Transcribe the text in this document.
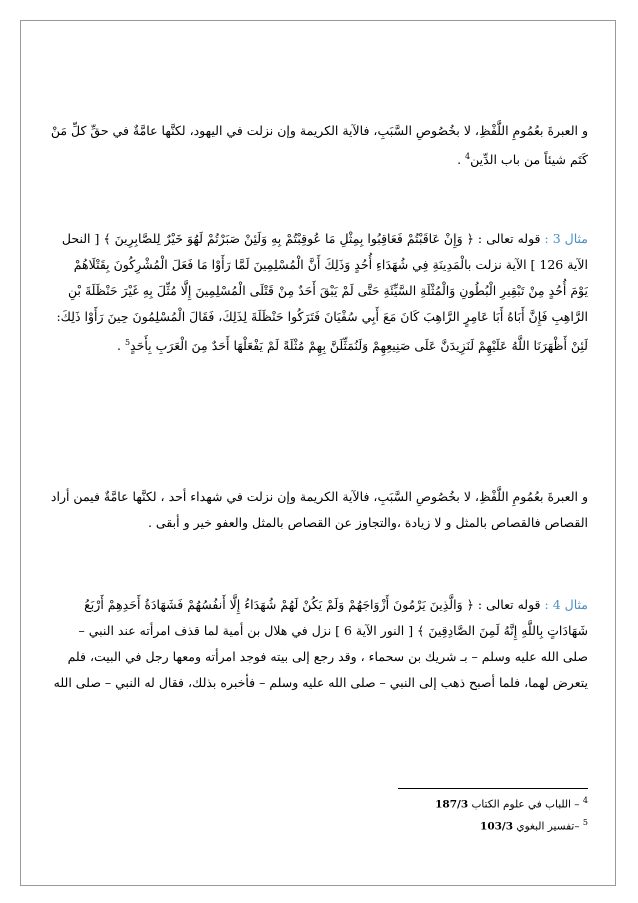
و العبرةَ بعُمُومِ اللَّفْظِ، لا بخُصُوصِ السَّبَبِ، فالآية الكريمة وإن نزلت في اليهود، لكنَّها عامَّةٌ في حقِّ كلِّ مَنْ
كَتَم شيئاً من باب الدِّين$^4$ .
مثال 3 : قوله تعالى : ﴿ وَإِنْ عَاقَبْتُمْ فَعَاقِبُوا بِمِثْلِ مَا عُوقِبْتُمْ بِهِ وَلَئِنْ صَبَرْتُمْ لَهُوَ خَيْرٌ لِلصَّابِرِينَ ﴾ [ النحل
الآية 126 ] الآية نزلت بالْمَدِينَةِ فِي شُهَدَاءِ أُحُدٍ وَذَلِكَ أَنَّ الْمُسْلِمِينَ لَمَّا رَأَوْا مَا فَعَلَ الْمُشْرِكُونَ بِقَتْلَاهُمْ
يَوْمَ أُحُدٍ مِنْ تَبْقِيرِ الْبُطُونِ وَالْمُثْلَةِ السَّيِّئَةِ حَتَّى لَمْ يَبْقَ أَحَدٌ مِنْ قَتْلَى الْمُسْلِمِينَ إِلَّا مُثِّلَ بِهِ غَيْرَ حَنْظَلَةَ بْنِ
الرَّاهِبِ فَإِنَّ أَبَاهُ أَبَا عَامِرٍ الرَّاهِبَ كَانَ مَعَ أَبِي سُفْيَانَ فَتَرَكُوا حَنْظَلَةَ لِذَلِكَ، فَقَالَ الْمُسْلِمُونَ حِينَ رَأَوْا ذَلِكَ:
لَئِنْ أَظْهَرَنَا اللَّهُ عَلَيْهِمْ لَنَزِيدَنَّ عَلَى صَنِيعِهِمْ وَلَنُمَثِّلَنَّ بِهِمْ مُثْلَةً لَمْ يَفْعَلْهَا أَحَدٌ مِنَ الْعَرَبِ بِأَحَدٍ$^5$ .
و العبرةَ بعُمُومِ اللَّفْظِ، لا بخُصُوصِ السَّبَبِ، فالآية الكريمة وإن نزلت في شهداء أحد ، لكنَّها عامَّةٌ فيمن أراد
القصاص فالقصاص بالمثل و لا زيادة ،والتجاوز عن القصاص بالمثل والعفو خير و أبقى .
مثال 4 : قوله تعالى : ﴿ وَالَّذِينَ يَرْمُونَ أَزْوَاجَهُمْ وَلَمْ يَكُنْ لَهُمْ شُهَدَاءُ إِلَّا أَنفُسُهُمْ فَشَهَادَةُ أَحَدِهِمْ أَرْبَعُ
شَهَادَاتٍ بِاللَّهِ إِنَّهُ لَمِنَ الصَّادِقِينَ ﴾ [ النور الآية 6 ] نزل في هلال بن أمية لما قذف امرأته عند النبي –
صلى الله عليه وسلم – بـ شريك بن سحماء ، وقد رجع إلى بيته فوجد امرأته ومعها رجل في البيت، فلم
يتعرض لهما، فلما أصبح ذهب إلى النبي – صلى الله عليه وسلم – فأخبره بذلك، فقال له النبي – صلى الله
$^4$ – اللباب في علوم الكتاب 187/3
$^5$ –تفسير البغوي 103/3
